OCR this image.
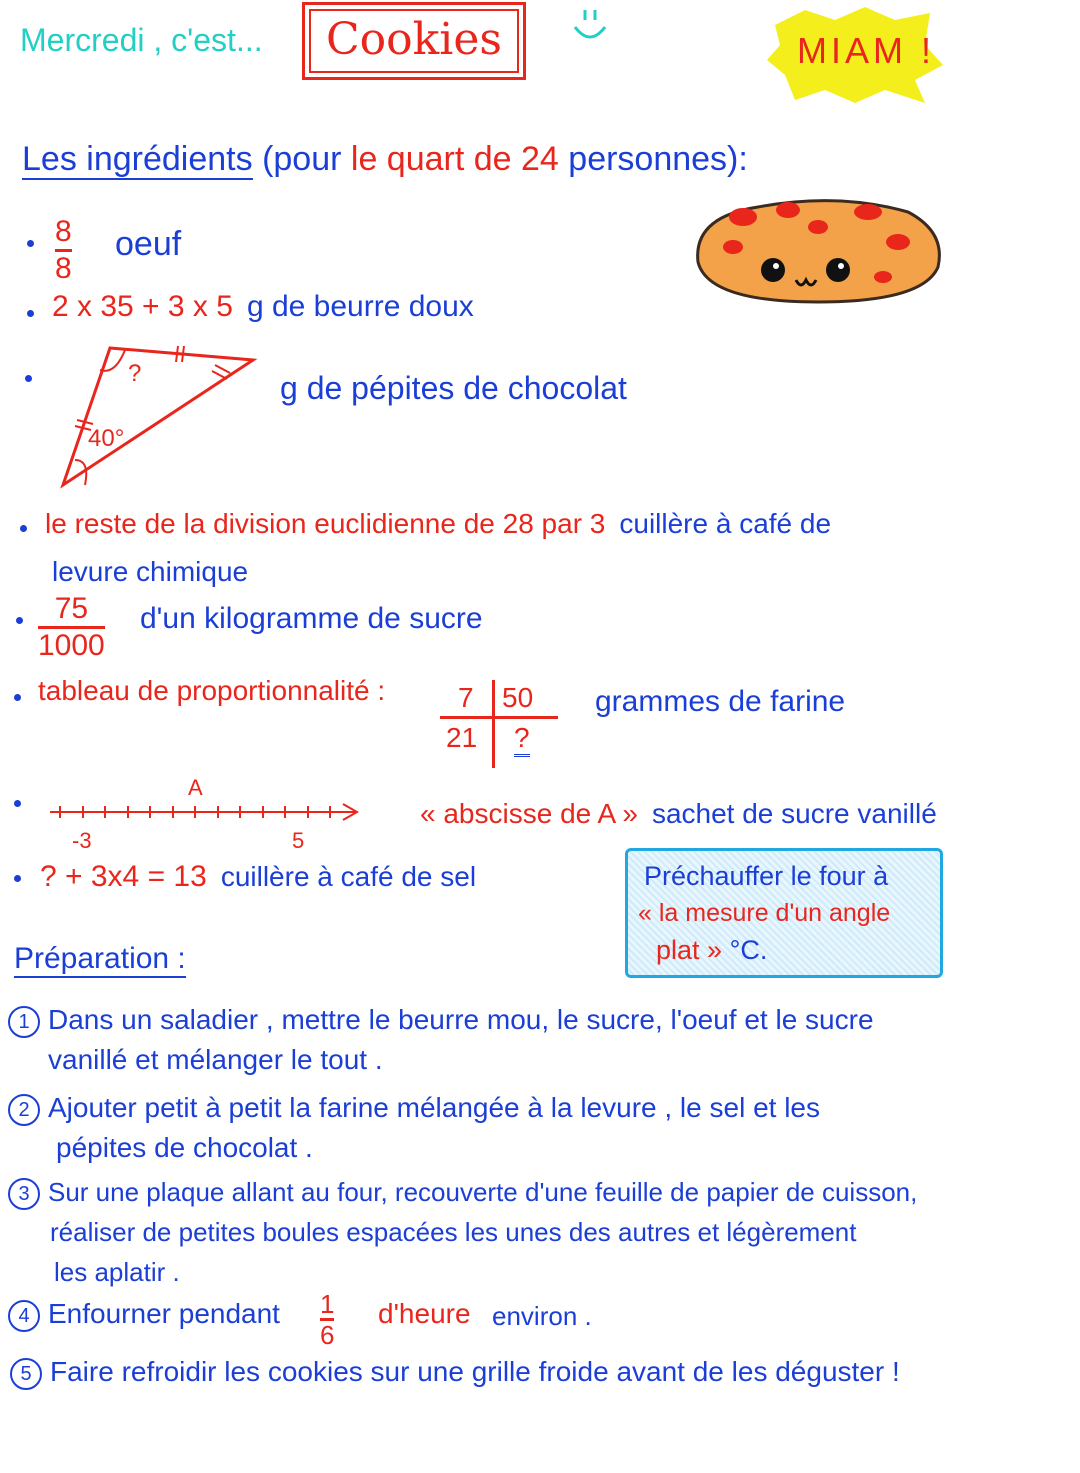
Mercredi , c'est...	Cookies	MIAM !
Les ingrédients (pour le quart de 24 personnes):
8
8
oeuf
2 x 35 + 3 x 5 g de beurre doux
?
40°
g de pépites de chocolat
le reste de la division euclidienne de 28 par 3 cuillère à café de
levure chimique
75
1000
d'un kilogramme de sucre
tableau de proportionnalité :	7 50
21 ?
grammes de farine
A
-3	5
« abscisse de A » sachet de sucre vanillé
? + 3x4 = 13 cuillère à café de sel	Préchauffer le four à
« la mesure d'un angle
plat » °C.
Préparation :
1 Dans un saladier , mettre le beurre mou, le sucre, l'oeuf et le sucre
vanillé et mélanger le tout .
2 Ajouter petit à petit la farine mélangée à la levure , le sel et les
pépites de chocolat .
3 Sur une plaque allant au four, recouverte d'une feuille de papier de cuisson,
réaliser de petites boules espacées les unes des autres et légèrement
les aplatir .
4 Enfourner pendant 1
6
d'heure environ .
5 Faire refroidir les cookies sur une grille froide avant de les déguster !
